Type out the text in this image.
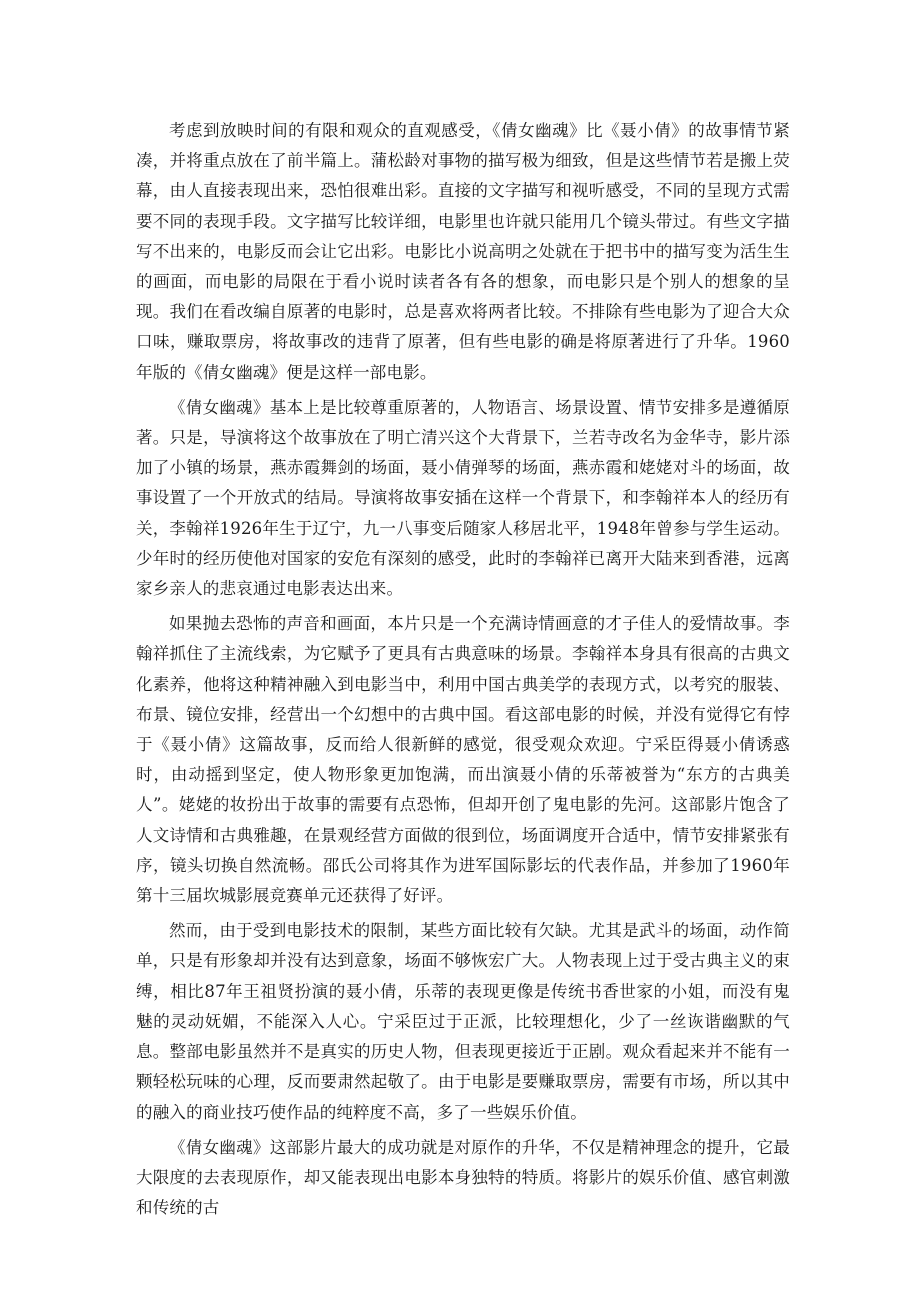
考虑到放映时间的有限和观众的直观感受，《倩女幽魂》比《聂小倩》的故事情节紧凑，并将重点放在了前半篇上。蒲松龄对事物的描写极为细致，但是这些情节若是搬上荧幕，由人直接表现出来，恐怕很难出彩。直接的文字描写和视听感受，不同的呈现方式需要不同的表现手段。文字描写比较详细，电影里也许就只能用几个镜头带过。有些文字描写不出来的，电影反而会让它出彩。电影比小说高明之处就在于把书中的描写变为活生生的画面，而电影的局限在于看小说时读者各有各的想象，而电影只是个别人的想象的呈现。我们在看改编自原著的电影时，总是喜欢将两者比较。不排除有些电影为了迎合大众口味，赚取票房，将故事改的违背了原著，但有些电影的确是将原著进行了升华。1960年版的《倩女幽魂》便是这样一部电影。

《倩女幽魂》基本上是比较尊重原著的，人物语言、场景设置、情节安排多是遵循原著。只是，导演将这个故事放在了明亡清兴这个大背景下，兰若寺改名为金华寺，影片添加了小镇的场景，燕赤霞舞剑的场面，聂小倩弹琴的场面，燕赤霞和姥姥对斗的场面，故事设置了一个开放式的结局。导演将故事安插在这样一个背景下，和李翰祥本人的经历有关，李翰祥1926年生于辽宁，九一八事变后随家人移居北平，1948年曾参与学生运动。少年时的经历使他对国家的安危有深刻的感受，此时的李翰祥已离开大陆来到香港，远离家乡亲人的悲哀通过电影表达出来。

如果抛去恐怖的声音和画面，本片只是一个充满诗情画意的才子佳人的爱情故事。李翰祥抓住了主流线索，为它赋予了更具有古典意味的场景。李翰祥本身具有很高的古典文化素养，他将这种精神融入到电影当中，利用中国古典美学的表现方式，以考究的服装、布景、镜位安排，经营出一个幻想中的古典中国。看这部电影的时候，并没有觉得它有悖于《聂小倩》这篇故事，反而给人很新鲜的感觉，很受观众欢迎。宁采臣得聂小倩诱惑时，由动摇到坚定，使人物形象更加饱满，而出演聂小倩的乐蒂被誉为“东方的古典美人”。姥姥的妆扮出于故事的需要有点恐怖，但却开创了鬼电影的先河。这部影片饱含了人文诗情和古典雅趣，在景观经营方面做的很到位，场面调度开合适中，情节安排紧张有序，镜头切换自然流畅。邵氏公司将其作为进军国际影坛的代表作品，并参加了1960年第十三届坎城影展竞赛单元还获得了好评。

然而，由于受到电影技术的限制，某些方面比较有欠缺。尤其是武斗的场面，动作简单，只是有形象却并没有达到意象，场面不够恢宏广大。人物表现上过于受古典主义的束缚，相比87年王祖贤扮演的聂小倩，乐蒂的表现更像是传统书香世家的小姐，而没有鬼魅的灵动妩媚，不能深入人心。宁采臣过于正派，比较理想化，少了一丝诙谐幽默的气息。整部电影虽然并不是真实的历史人物，但表现更接近于正剧。观众看起来并不能有一颗轻松玩味的心理，反而要肃然起敬了。由于电影是要赚取票房，需要有市场，所以其中的融入的商业技巧使作品的纯粹度不高，多了一些娱乐价值。

《倩女幽魂》这部影片最大的成功就是对原作的升华，不仅是精神理念的提升，它最大限度的去表现原作，却又能表现出电影本身独特的特质。将影片的娱乐价值、感官刺激和传统的古
